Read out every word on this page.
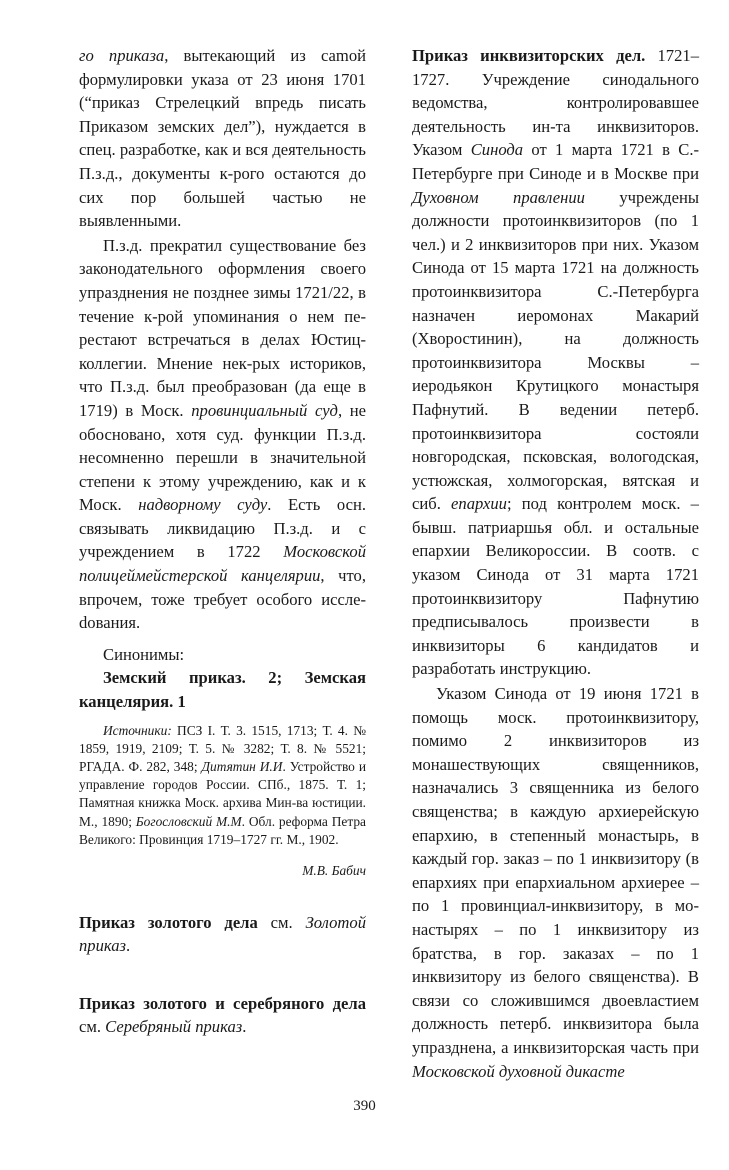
го приказа, вытекающий из саmой формулировки указа от 23 июня 1701 (“приказ Стрелецкий впредь писать Приказом земских дел”), нуждается в спец. разработке, как и вся деятельность П.з.д., документы к-рого остаются до сих пор большей частью не выявленными.

П.з.д. прекратил существование без законодательного оформления своего упразднения не позднее зимы 1721/22, в течение к-рой упоминания о нем перестают встречаться в делах Юстиц-коллегии. Мнение нек-рых историков, что П.з.д. был преобразован (да еще в 1719) в Моск. провинциальный суд, не обосновано, хотя суд. функции П.з.д. несомненно перешли в значительной степени к этому учреждению, как и к Моск. надворному суду. Есть осн. связывать ликвидацию П.з.д. и с учреждением в 1722 Московской полицеймейстерской канцелярии, что, впрочем, тоже требует особого исслеdования.

Синонимы:

Земский приказ. 2; Земская канцелярия. 1

Источники: ПСЗ I. Т. 3. 1515, 1713; Т. 4. № 1859, 1919, 2109; Т. 5. № 3282; Т. 8. № 5521; РГАДА. Ф. 282, 348; Дитятин И.И. Устройство и управление городов России. СПб., 1875. Т. 1; Памятная книжка Моск. архива Мин-ва юстиции. М., 1890; Богословский М.М. Обл. реформа Петра Великого: Провинция 1719–1727 гг. М., 1902.

М.В. Бабич

Приказ золотого дела см. Золотой приказ.

Приказ золотого и серебряного дела см. Серебряный приказ.

Приказ инквизиторских дел. 1721–1727. Учреждение синодального ведомства, контролировавшее деятельность ин-та инквизиторов. Указом Синода от 1 марта 1721 в С.-Петербурге при Синоде и в Москве при Духовном правлении учреждены должности протоинквизиторов (по 1 чел.) и 2 инквизиторов при них. Указом Синода от 15 марта 1721 на должность протоинквизитора С.-Петербурга назначен иеромонах Макарий (Хворостинин), на должность протоинквизитора Москвы – иеродьякон Крутицкого монастыря Пафнутий. В ведении петерб. протоинквизитора состояли новгородская, псковская, вологодская, устюжская, холмогорская, вятская и сиб. епархии; под контролем моск. – бывш. патриаршья обл. и остальные епархии Великороссии. В соотв. с указом Синода от 31 марта 1721 протоинквизитору Пафнутию предписывалось произвести в инквизиторы 6 кандидатов и разработать инструкцию.

Указом Синода от 19 июня 1721 в помощь моск. протоинквизитору, помимо 2 инквизиторов из монашествующих священников, назначались 3 священника из белого священства; в каждую архиерейскую епархию, в степенный монастырь, в каждый гор. заказ – по 1 инквизитору (в епархиях при епархиальном архиерее – по 1 провинциал-инквизитору, в монастырях – по 1 инквизитору из братства, в гор. заказах – по 1 инквизитору из белого священства). В связи со сложившимся двоевластием должность петерб. инквизитора была упразднена, а инквизиторская часть при Московской духовной дикасте

390
